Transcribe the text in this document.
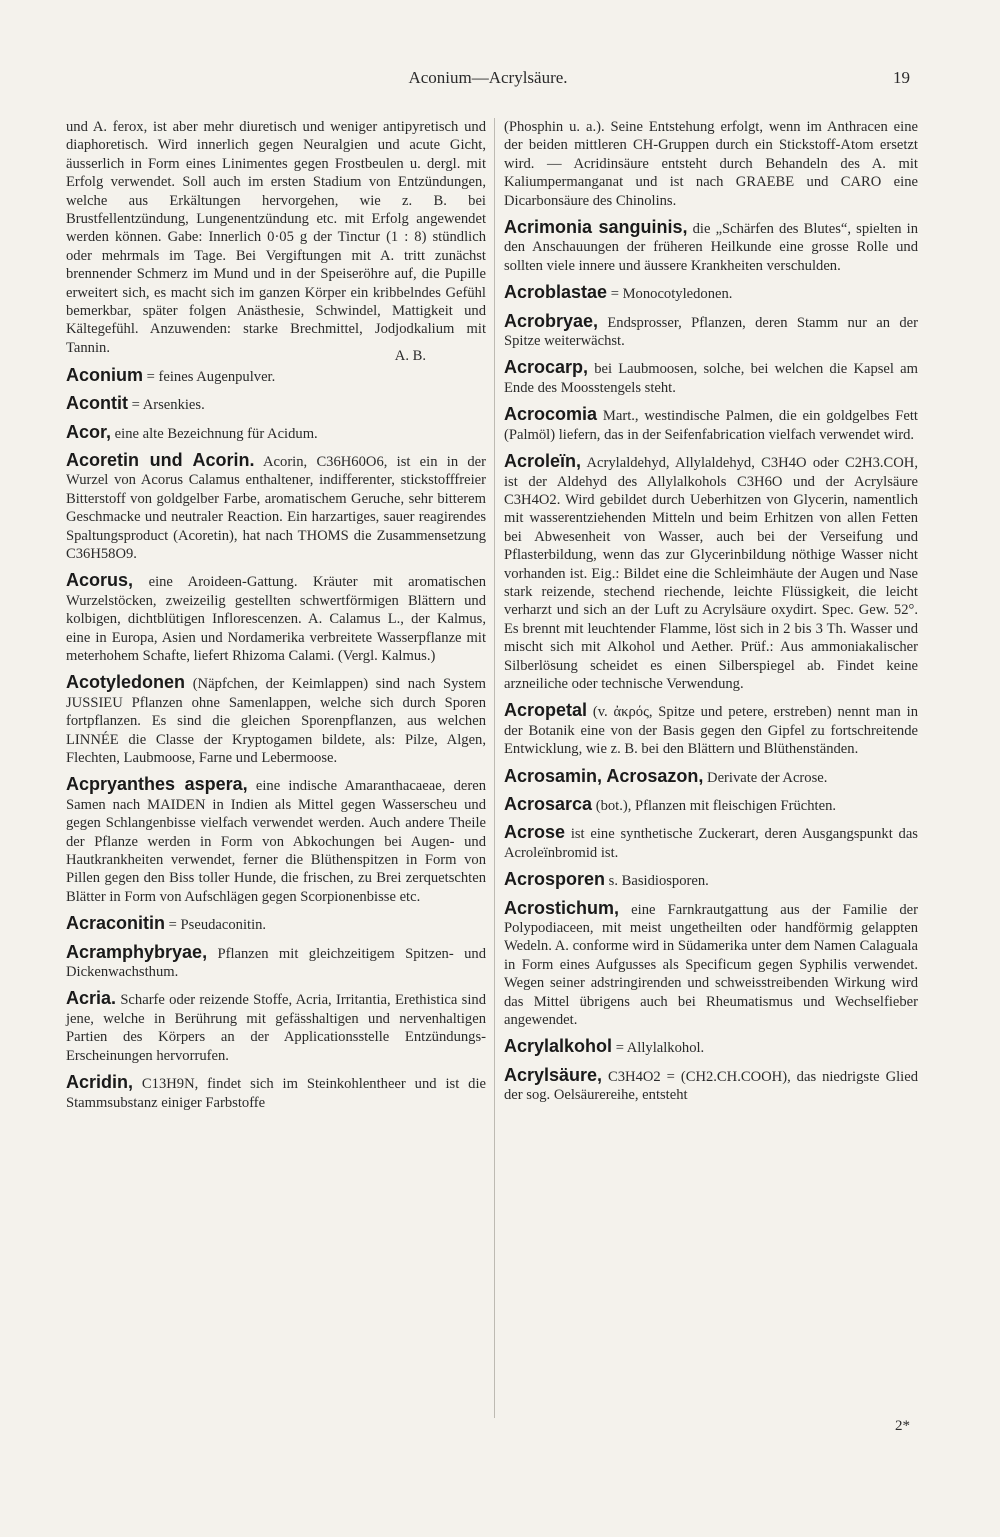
Aconium—Acrylsäure.	19

und A. ferox, ist aber mehr diuretisch und weniger antipyretisch und diaphoretisch. Wird innerlich gegen Neuralgien und acute Gicht, äusserlich in Form eines Linimentes gegen Frostbeulen u. dergl. mit Erfolg verwendet. Soll auch im ersten Stadium von Entzündungen, welche aus Erkältungen hervorgehen, wie z. B. bei Brustfellentzündung, Lungenentzündung etc. mit Erfolg angewendet werden können. Gabe: Innerlich 0·05 g der Tinctur (1 : 8) stündlich oder mehrmals im Tage. Bei Vergiftungen mit A. tritt zunächst brennender Schmerz im Mund und in der Speiseröhre auf, die Pupille erweitert sich, es macht sich im ganzen Körper ein kribbelndes Gefühl bemerkbar, später folgen Anästhesie, Schwindel, Mattigkeit und Kältegefühl. Anzuwenden: starke Brechmittel, Jodjodkalium mit Tannin.

A. B.

Aconium = feines Augenpulver.

Acontit = Arsenkies.

Acor, eine alte Bezeichnung für Acidum.

Acoretin und Acorin. Acorin, C36H60O6, ist ein in der Wurzel von Acorus Calamus enthaltener, indifferenter, stickstofffreier Bitterstoff von goldgelber Farbe, aromatischem Geruche, sehr bitterem Geschmacke und neutraler Reaction. Ein harzartiges, sauer reagirendes Spaltungsproduct (Acoretin), hat nach THOMS die Zusammensetzung C36H58O9.

Acorus, eine Aroideen-Gattung. Kräuter mit aromatischen Wurzelstöcken, zweizeilig gestellten schwertförmigen Blättern und kolbigen, dichtblütigen Inflorescenzen. A. Calamus L., der Kalmus, eine in Europa, Asien und Nordamerika verbreitete Wasserpflanze mit meterhohem Schafte, liefert Rhizoma Calami. (Vergl. Kalmus.)

Acotyledonen (Näpfchen, der Keimlappen) sind nach System JUSSIEU Pflanzen ohne Samenlappen, welche sich durch Sporen fortpflanzen. Es sind die gleichen Sporenpflanzen, aus welchen LINNÉE die Classe der Kryptogamen bildete, als: Pilze, Algen, Flechten, Laubmoose, Farne und Lebermoose.

Acpryanthes aspera, eine indische Amaranthacaeae, deren Samen nach MAIDEN in Indien als Mittel gegen Wasserscheu und gegen Schlangenbisse vielfach verwendet werden. Auch andere Theile der Pflanze werden in Form von Abkochungen bei Augen- und Hautkrankheiten verwendet, ferner die Blüthenspitzen in Form von Pillen gegen den Biss toller Hunde, die frischen, zu Brei zerquetschten Blätter in Form von Aufschlägen gegen Scorpionenbisse etc.

Acraconitin = Pseudaconitin.

Acramphybryae, Pflanzen mit gleichzeitigem Spitzen- und Dickenwachsthum.

Acria. Scharfe oder reizende Stoffe, Acria, Irritantia, Erethistica sind jene, welche in Berührung mit gefässhaltigen und nervenhaltigen Partien des Körpers an der Applicationsstelle Entzündungs-Erscheinungen hervorrufen.

Acridin, C13H9N, findet sich im Steinkohlentheer und ist die Stammsubstanz einiger Farbstoffe

(Phosphin u. a.). Seine Entstehung erfolgt, wenn im Anthracen eine der beiden mittleren CH-Gruppen durch ein Stickstoff-Atom ersetzt wird. — Acridinsäure entsteht durch Behandeln des A. mit Kaliumpermanganat und ist nach GRAEBE und CARO eine Dicarbonsäure des Chinolins.

Acrimonia sanguinis, die „Schärfen des Blutes“, spielten in den Anschauungen der früheren Heilkunde eine grosse Rolle und sollten viele innere und äussere Krankheiten verschulden.

Acroblastae = Monocotyledonen.

Acrobryae, Endsprosser, Pflanzen, deren Stamm nur an der Spitze weiterwächst.

Acrocarp, bei Laubmoosen, solche, bei welchen die Kapsel am Ende des Moosstengels steht.

Acrocomia Mart., westindische Palmen, die ein goldgelbes Fett (Palmöl) liefern, das in der Seifenfabrication vielfach verwendet wird.

Acroleïn, Acrylaldehyd, Allylaldehyd, C3H4O oder C2H3.COH, ist der Aldehyd des Allylalkohols C3H6O und der Acrylsäure C3H4O2. Wird gebildet durch Ueberhitzen von Glycerin, namentlich mit wasserentziehenden Mitteln und beim Erhitzen von allen Fetten bei Abwesenheit von Wasser, auch bei der Verseifung und Pflasterbildung, wenn das zur Glycerinbildung nöthige Wasser nicht vorhanden ist. Eig.: Bildet eine die Schleimhäute der Augen und Nase stark reizende, stechend riechende, leichte Flüssigkeit, die leicht verharzt und sich an der Luft zu Acrylsäure oxydirt. Spec. Gew. 52°. Es brennt mit leuchtender Flamme, löst sich in 2 bis 3 Th. Wasser und mischt sich mit Alkohol und Aether. Prüf.: Aus ammoniakalischer Silberlösung scheidet es einen Silberspiegel ab. Findet keine arzneiliche oder technische Verwendung.

Acropetal (v. ἀκρός, Spitze und petere, erstreben) nennt man in der Botanik eine von der Basis gegen den Gipfel zu fortschreitende Entwicklung, wie z. B. bei den Blättern und Blüthenständen.

Acrosamin, Acrosazon, Derivate der Acrose.

Acrosarca (bot.), Pflanzen mit fleischigen Früchten.

Acrose ist eine synthetische Zuckerart, deren Ausgangspunkt das Acroleïnbromid ist.

Acrosporen s. Basidiosporen.

Acrostichum, eine Farnkrautgattung aus der Familie der Polypodiaceen, mit meist ungetheilten oder handförmig gelappten Wedeln. A. conforme wird in Südamerika unter dem Namen Calaguala in Form eines Aufgusses als Specificum gegen Syphilis verwendet. Wegen seiner adstringirenden und schweisstreibenden Wirkung wird das Mittel übrigens auch bei Rheumatismus und Wechselfieber angewendet.

Acrylalkohol = Allylalkohol.

Acrylsäure, C3H4O2 = (CH2.CH.COOH), das niedrigste Glied der sog. Oelsäurereihe, entsteht

2*
